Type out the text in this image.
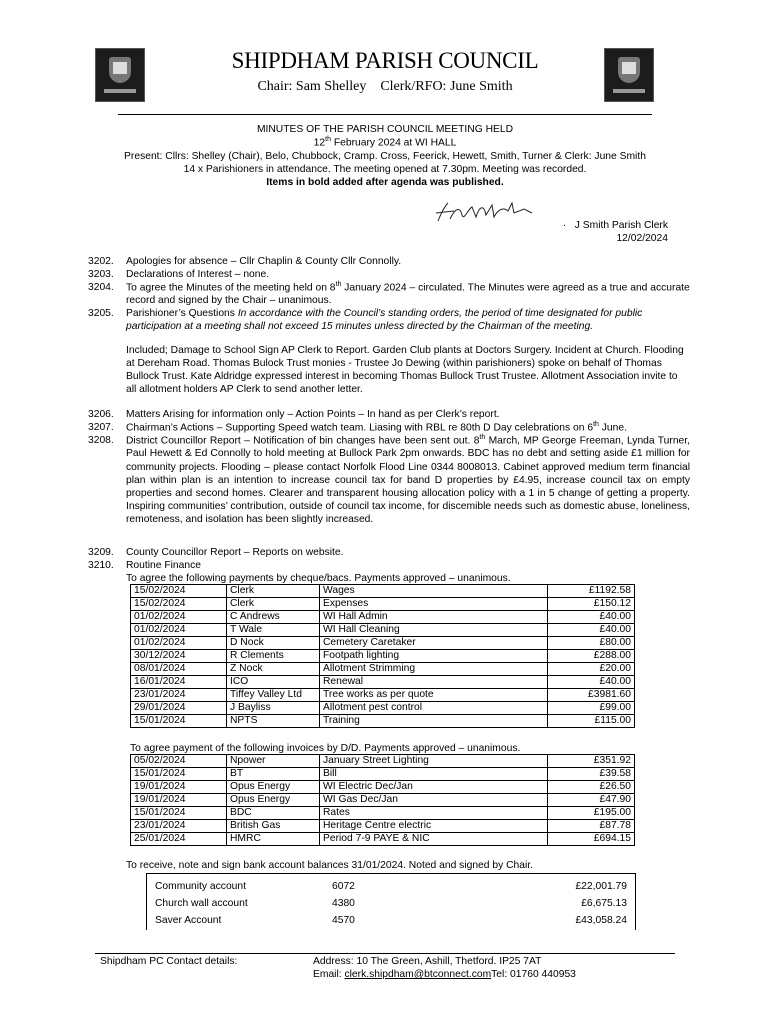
SHIPDHAM PARISH COUNCIL
Chair: Sam Shelley Clerk/RFO: June Smith
MINUTES OF THE PARISH COUNCIL MEETING HELD
12th February 2024 at WI HALL
Present: Cllrs: Shelley (Chair), Belo, Chubbock, Cramp. Cross, Feerick, Hewett, Smith, Turner & Clerk: June Smith
14 x Parishioners in attendance. The meeting opened at 7.30pm. Meeting was recorded.
Items in bold added after agenda was published.
· J Smith Parish Clerk
12/02/2024
3202. Apologies for absence – Cllr Chaplin & County Cllr Connolly.
3203. Declarations of Interest – none.
3204. To agree the Minutes of the meeting held on 8th January 2024 – circulated. The Minutes were agreed as a true and accurate record and signed by the Chair – unanimous.
3205. Parishioner’s Questions In accordance with the Council’s standing orders, the period of time designated for public participation at a meeting shall not exceed 15 minutes unless directed by the Chairman of the meeting.
Included; Damage to School Sign AP Clerk to Report. Garden Club plants at Doctors Surgery. Incident at Church. Flooding at Dereham Road. Thomas Bulock Trust monies - Trustee Jo Dewing (within parishioners) spoke on behalf of Thomas Bullock Trust. Kate Aldridge expressed interest in becoming Thomas Bullock Trust Trustee. Allotment Association invite to all allotment holders AP Clerk to send another letter.
3206. Matters Arising for information only – Action Points – In hand as per Clerk’s report.
3207. Chairman’s Actions – Supporting Speed watch team. Liasing with RBL re 80th D Day celebrations on 6th June.
3208. District Councillor Report – Notification of bin changes have been sent out. 8th March, MP George Freeman, Lynda Turner, Paul Hewett & Ed Connolly to hold meeting at Bullock Park 2pm onwards. BDC has no debt and setting aside £1 million for community projects. Flooding – please contact Norfolk Flood Line 0344 8008013. Cabinet approved medium term financial plan within plan is an intention to increase council tax for band D properties by £4.95, increase council tax on empty properties and second homes. Clearer and transparent housing allocation policy with a 1 in 5 change of getting a property. Inspiring communities’ contribution, outside of council tax income, for discemible needs such as domestic abuse, loneliness, remoteness, and isolation has been slightly increased.
3209. County Councillor Report – Reports on website.
3210. Routine Finance
To agree the following payments by cheque/bacs. Payments approved – unanimous.
15/02/2024	Clerk	Wages	£1192.58
15/02/2024	Clerk	Expenses	£150.12
01/02/2024	C Andrews	WI Hall Admin	£40.00
01/02/2024	T Wale	WI Hall Cleaning	£40.00
01/02/2024	D Nock	Cemetery Caretaker	£80.00
30/12/2024	R Clements	Footpath lighting	£288.00
08/01/2024	Z Nock	Allotment Strimming	£20.00
16/01/2024	ICO	Renewal	£40.00
23/01/2024	Tiffey Valley Ltd	Tree works as per quote	£3981.60
29/01/2024	J Bayliss	Allotment pest control	£99.00
15/01/2024	NPTS	Training	£115.00
To agree payment of the following invoices by D/D. Payments approved – unanimous.
05/02/2024	Npower	January Street Lighting	£351.92
15/01/2024	BT	Bill	£39.58
19/01/2024	Opus Energy	WI Electric Dec/Jan	£26.50
19/01/2024	Opus Energy	WI Gas Dec/Jan	£47.90
15/01/2024	BDC	Rates	£195.00
23/01/2024	British Gas	Heritage Centre electric	£87.78
25/01/2024	HMRC	Period 7-9 PAYE & NIC	£694.15
To receive, note and sign bank account balances 31/01/2024. Noted and signed by Chair.
Community account	6072	£22,001.79
Church wall account	4380	£6,675.13
Saver Account	4570	£43,058.24
Shipdham PC Contact details:	Address: 10 The Green, Ashill, Thetford. IP25 7AT
Email: clerk.shipdham@btconnect.comTel: 01760 440953
